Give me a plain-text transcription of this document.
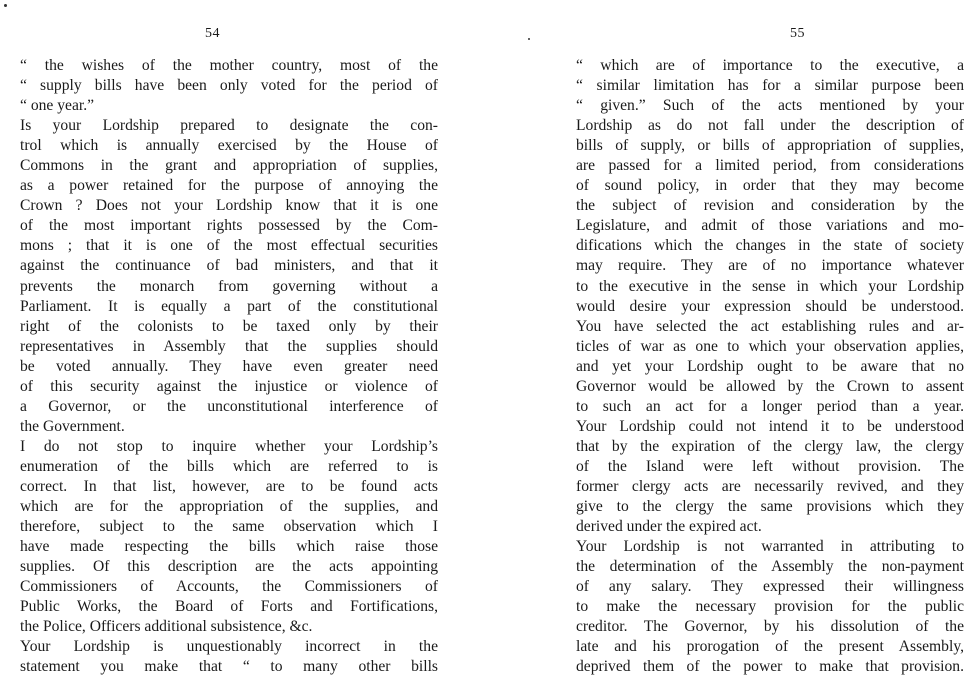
54
“ the wishes of the mother country, most of the
“ supply bills have been only voted for the period of
“ one year.”
Is your Lordship prepared to designate the con-
trol which is annually exercised by the House of
Commons in the grant and appropriation of supplies,
as a power retained for the purpose of annoying the
Crown ? Does not your Lordship know that it is one
of the most important rights possessed by the Com-
mons ; that it is one of the most effectual securities
against the continuance of bad ministers, and that it
prevents the monarch from governing without a
Parliament. It is equally a part of the constitutional
right of the colonists to be taxed only by their
representatives in Assembly that the supplies should
be voted annually. They have even greater need
of this security against the injustice or violence of
a Governor, or the unconstitutional interference of
the Government.
I do not stop to inquire whether your Lordship’s
enumeration of the bills which are referred to is
correct. In that list, however, are to be found acts
which are for the appropriation of the supplies, and
therefore, subject to the same observation which I
have made respecting the bills which raise those
supplies. Of this description are the acts appointing
Commissioners of Accounts, the Commissioners of
Public Works, the Board of Forts and Fortifications,
the Police, Officers additional subsistence, &c.
Your Lordship is unquestionably incorrect in the
statement you make that “ to many other bills
55
“ which are of importance to the executive, a
“ similar limitation has for a similar purpose been
“ given.” Such of the acts mentioned by your
Lordship as do not fall under the description of
bills of supply, or bills of appropriation of supplies,
are passed for a limited period, from considerations
of sound policy, in order that they may become
the subject of revision and consideration by the
Legislature, and admit of those variations and mo-
difications which the changes in the state of society
may require. They are of no importance whatever
to the executive in the sense in which your Lordship
would desire your expression should be understood.
You have selected the act establishing rules and ar-
ticles of war as one to which your observation applies,
and yet your Lordship ought to be aware that no
Governor would be allowed by the Crown to assent
to such an act for a longer period than a year.
Your Lordship could not intend it to be understood
that by the expiration of the clergy law, the clergy
of the Island were left without provision. The
former clergy acts are necessarily revived, and they
give to the clergy the same provisions which they
derived under the expired act.
Your Lordship is not warranted in attributing to
the determination of the Assembly the non-payment
of any salary. They expressed their willingness
to make the necessary provision for the public
creditor. The Governor, by his dissolution of the
late and his prorogation of the present Assembly,
deprived them of the power to make that provision.
